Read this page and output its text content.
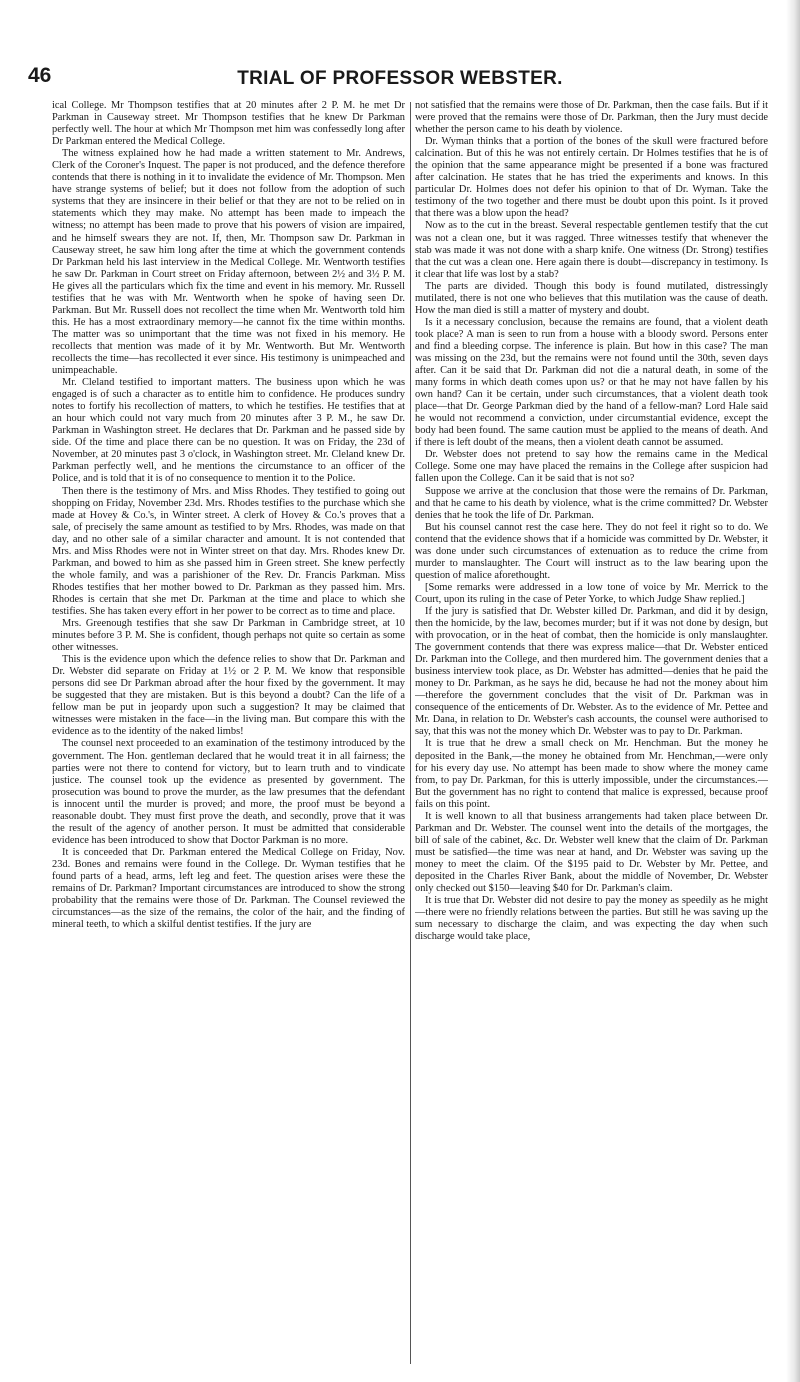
46	TRIAL OF PROFESSOR WEBSTER.

ical College. Mr Thompson testifies that at 20 minutes after 2 P. M. he met Dr Parkman in Causeway street. Mr Thompson testifies that he knew Dr Parkman perfectly well. The hour at which Mr Thompson met him was confessedly long after Dr Parkman entered the Medical College.

The witness explained how he had made a written statement to Mr. Andrews, Clerk of the Coroner's Inquest. The paper is not produced, and the defence therefore contends that there is nothing in it to invalidate the evidence of Mr. Thompson. Men have strange systems of belief; but it does not follow from the adoption of such systems that they are insincere in their belief or that they are not to be relied on in statements which they may make. No attempt has been made to impeach the witness; no attempt has been made to prove that his powers of vision are impaired, and he himself swears they are not. If, then, Mr. Thompson saw Dr. Parkman in Causeway street, he saw him long after the time at which the government contends Dr Parkman held his last interview in the Medical College. Mr. Wentworth testifies he saw Dr. Parkman in Court street on Friday afternoon, between 2½ and 3½ P. M. He gives all the particulars which fix the time and event in his memory. Mr. Russell testifies that he was with Mr. Wentworth when he spoke of having seen Dr. Parkman. But Mr. Russell does not recollect the time when Mr. Wentworth told him this. He has a most extraordinary memory—he cannot fix the time within months. The matter was so unimportant that the time was not fixed in his memory. He recollects that mention was made of it by Mr. Wentworth. But Mr. Wentworth recollects the time—has recollected it ever since. His testimony is unimpeached and unimpeachable.

Mr. Cleland testified to important matters. The business upon which he was engaged is of such a character as to entitle him to confidence. He produces sundry notes to fortify his recollection of matters, to which he testifies. He testifies that at an hour which could not vary much from 20 minutes after 3 P. M., he saw Dr. Parkman in Washington street. He declares that Dr. Parkman and he passed side by side. Of the time and place there can be no question. It was on Friday, the 23d of November, at 20 minutes past 3 o'clock, in Washington street. Mr. Cleland knew Dr. Parkman perfectly well, and he mentions the circumstance to an officer of the Police, and is told that it is of no consequence to mention it to the Police.

Then there is the testimony of Mrs. and Miss Rhodes. They testified to going out shopping on Friday, November 23d. Mrs. Rhodes testifies to the purchase which she made at Hovey & Co.'s, in Winter street. A clerk of Hovey & Co.'s proves that a sale, of precisely the same amount as testified to by Mrs. Rhodes, was made on that day, and no other sale of a similar character and amount. It is not contended that Mrs. and Miss Rhodes were not in Winter street on that day. Mrs. Rhodes knew Dr. Parkman, and bowed to him as she passed him in Green street. She knew perfectly the whole family, and was a parishioner of the Rev. Dr. Francis Parkman. Miss Rhodes testifies that her mother bowed to Dr. Parkman as they passed him. Mrs. Rhodes is certain that she met Dr. Parkman at the time and place to which she testifies. She has taken every effort in her power to be correct as to time and place.

Mrs. Greenough testifies that she saw Dr Parkman in Cambridge street, at 10 minutes before 3 P. M. She is confident, though perhaps not quite so certain as some other witnesses.

This is the evidence upon which the defence relies to show that Dr. Parkman and Dr. Webster did separate on Friday at 1½ or 2 P. M. We know that responsible persons did see Dr Parkman abroad after the hour fixed by the government. It may be suggested that they are mistaken. But is this beyond a doubt? Can the life of a fellow man be put in jeopardy upon such a suggestion? It may be claimed that witnesses were mistaken in the face—in the living man. But compare this with the evidence as to the identity of the naked limbs!

The counsel next proceeded to an examination of the testimony introduced by the government. The Hon. gentleman declared that he would treat it in all fairness; the parties were not there to contend for victory, but to learn truth and to vindicate justice. The counsel took up the evidence as presented by government. The prosecution was bound to prove the murder, as the law presumes that the defendant is innocent until the murder is proved; and more, the proof must be beyond a reasonable doubt. They must first prove the death, and secondly, prove that it was the result of the agency of another person. It must be admitted that considerable evidence has been introduced to show that Doctor Parkman is no more.

It is conceeded that Dr. Parkman entered the Medical College on Friday, Nov. 23d. Bones and remains were found in the College. Dr. Wyman testifies that he found parts of a head, arms, left leg and feet. The question arises were these the remains of Dr. Parkman? Important circumstances are introduced to show the strong probability that the remains were those of Dr. Parkman. The Counsel reviewed the circumstances—as the size of the remains, the color of the hair, and the finding of mineral teeth, to which a skilful dentist testifies. If the jury are

not satisfied that the remains were those of Dr. Parkman, then the case fails. But if it were proved that the remains were those of Dr. Parkman, then the Jury must decide whether the person came to his death by violence.

Dr. Wyman thinks that a portion of the bones of the skull were fractured before calcination. But of this he was not entirely certain. Dr Holmes testifies that he is of the opinion that the same appearance might be presented if a bone was fractured after calcination. He states that he has tried the experiments and knows. In this particular Dr. Holmes does not defer his opinion to that of Dr. Wyman. Take the testimony of the two together and there must be doubt upon this point. Is it proved that there was a blow upon the head?

Now as to the cut in the breast. Several respectable gentlemen testify that the cut was not a clean one, but it was ragged. Three witnesses testify that whenever the stab was made it was not done with a sharp knife. One witness (Dr. Strong) testifies that the cut was a clean one. Here again there is doubt—discrepancy in testimony. Is it clear that life was lost by a stab?

The parts are divided. Though this body is found mutilated, distressingly mutilated, there is not one who believes that this mutilation was the cause of death. How the man died is still a matter of mystery and doubt.

Is it a necessary conclusion, because the remains are found, that a violent death took place? A man is seen to run from a house with a bloody sword. Persons enter and find a bleeding corpse. The inference is plain. But how in this case? The man was missing on the 23d, but the remains were not found until the 30th, seven days after. Can it be said that Dr. Parkman did not die a natural death, in some of the many forms in which death comes upon us? or that he may not have fallen by his own hand? Can it be certain, under such circumstances, that a violent death took place—that Dr. George Parkman died by the hand of a fellow-man? Lord Hale said he would not recommend a conviction, under circumstantial evidence, except the body had been found. The same caution must be applied to the means of death. And if there is left doubt of the means, then a violent death cannot be assumed.

Dr. Webster does not pretend to say how the remains came in the Medical College. Some one may have placed the remains in the College after suspicion had fallen upon the College. Can it be said that is not so?

Suppose we arrive at the conclusion that those were the remains of Dr. Parkman, and that he came to his death by violence, what is the crime committed? Dr. Webster denies that he took the life of Dr. Parkman.

But his counsel cannot rest the case here. They do not feel it right so to do. We contend that the evidence shows that if a homicide was committed by Dr. Webster, it was done under such circumstances of extenuation as to reduce the crime from murder to manslaughter. The Court will instruct as to the law bearing upon the question of malice aforethought.

[Some remarks were addressed in a low tone of voice by Mr. Merrick to the Court, upon its ruling in the case of Peter Yorke, to which Judge Shaw replied.]

If the jury is satisfied that Dr. Webster killed Dr. Parkman, and did it by design, then the homicide, by the law, becomes murder; but if it was not done by design, but with provocation, or in the heat of combat, then the homicide is only manslaughter. The government contends that there was express malice—that Dr. Webster enticed Dr. Parkman into the College, and then murdered him. The government denies that a business interview took place, as Dr. Webster has admitted—denies that he paid the money to Dr. Parkman, as he says he did, because he had not the money about him—therefore the government concludes that the visit of Dr. Parkman was in consequence of the enticements of Dr. Webster. As to the evidence of Mr. Pettee and Mr. Dana, in relation to Dr. Webster's cash accounts, the counsel were authorised to say, that this was not the money which Dr. Webster was to pay to Dr. Parkman.

It is true that he drew a small check on Mr. Henchman. But the money he deposited in the Bank,—the money he obtained from Mr. Henchman,—were only for his every day use. No attempt has been made to show where the money came from, to pay Dr. Parkman, for this is utterly impossible, under the circumstances.—But the government has no right to contend that malice is expressed, because proof fails on this point.

It is well known to all that business arrangements had taken place between Dr. Parkman and Dr. Webster. The counsel went into the details of the mortgages, the bill of sale of the cabinet, &c. Dr. Webster well knew that the claim of Dr. Parkman must be satisfied—the time was near at hand, and Dr. Webster was saving up the money to meet the claim. Of the $195 paid to Dr. Webster by Mr. Pettee, and deposited in the Charles River Bank, about the middle of November, Dr. Webster only checked out $150—leaving $40 for Dr. Parkman's claim.

It is true that Dr. Webster did not desire to pay the money as speedily as he might—there were no friendly relations between the parties. But still he was saving up the sum necessary to discharge the claim, and was expecting the day when such discharge would take place,
